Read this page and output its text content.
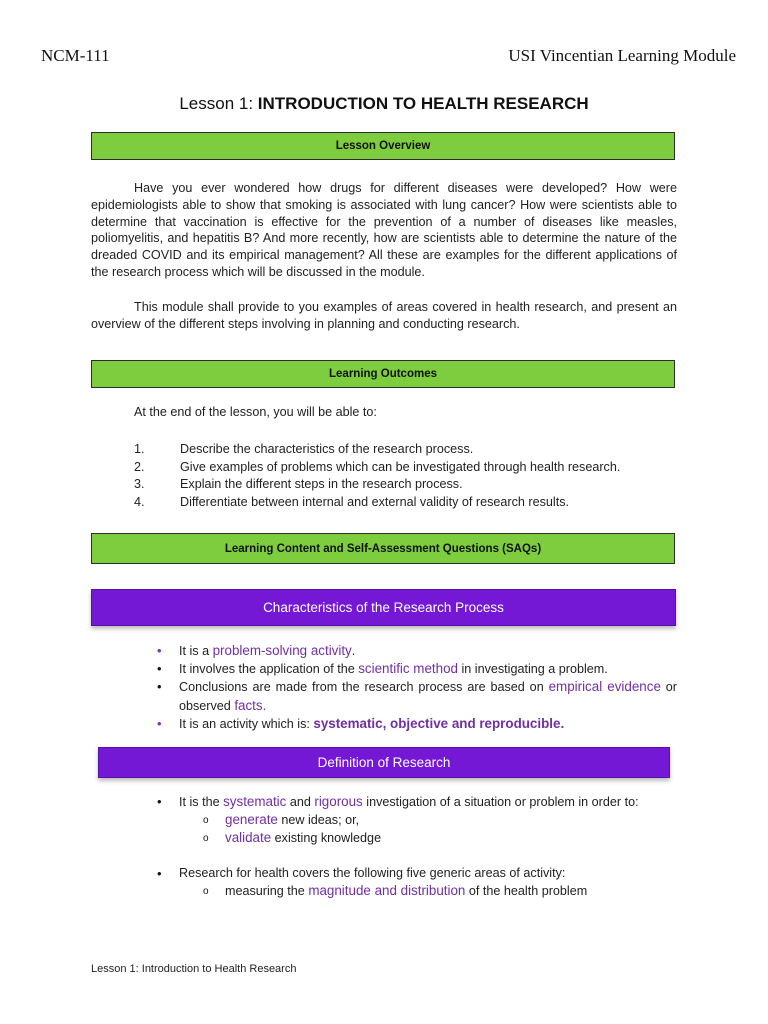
NCM-111	USI Vincentian Learning Module
Lesson 1: INTRODUCTION TO HEALTH RESEARCH
Lesson Overview

Have you ever wondered how drugs for different diseases were developed? How were epidemiologists able to show that smoking is associated with lung cancer? How were scientists able to determine that vaccination is effective for the prevention of a number of diseases like measles, poliomyelitis, and hepatitis B? And more recently, how are scientists able to determine the nature of the dreaded COVID and its empirical management? All these are examples for the different applications of the research process which will be discussed in the module.

This module shall provide to you examples of areas covered in health research, and present an overview of the different steps involving in planning and conducting research.

Learning Outcomes

At the end of the lesson, you will be able to:

1.	Describe the characteristics of the research process.
2.	Give examples of problems which can be investigated through health research.
3.	Explain the different steps in the research process.
4.	Differentiate between internal and external validity of research results.
Learning Content and Self-Assessment Questions (SAQs)
Characteristics of the Research Process
• It is a problem-solving activity.
• It involves the application of the scientific method in investigating a problem.
• Conclusions are made from the research process are based on empirical evidence or observed facts.
• It is an activity which is: systematic, objective and reproducible.
Definition of Research
• It is the systematic and rigorous investigation of a situation or problem in order to:
o generate new ideas; or,
o validate existing knowledge
• Research for health covers the following five generic areas of activity:
o measuring the magnitude and distribution of the health problem
Lesson 1: Introduction to Health Research
